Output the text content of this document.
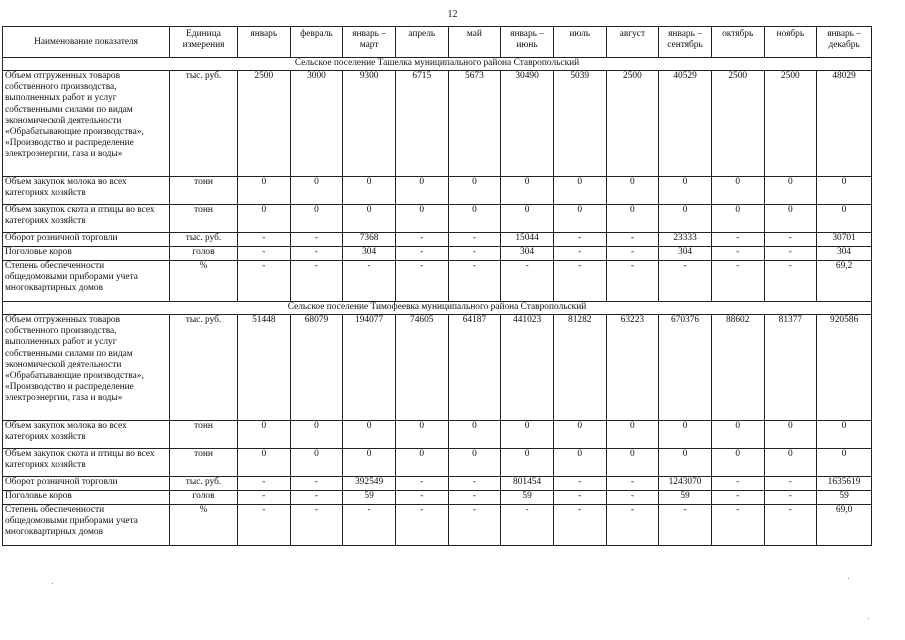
12
Наименование показателя	Единица измерения	январь	февраль	январь – март	апрель	май	январь – июнь	июль	август	январь – сентябрь	октябрь	ноябрь	январь – декабрь
Сельское поселение Ташелка муниципального района Ставропольский													
Объем отгруженных товаров собственного производства, выполненных работ и услуг собственными силами по видам экономической деятельности «Обрабатывающие производства», «Производство и распределение электроэнергии, газа и воды»	тыс. руб.	2500	3000	9300	6715	5673	30490	5039	2500	40529	2500	2500	48029
Объем закупок молока во всех категориях хозяйств	тонн	0	0	0	0	0	0	0	0	0	0	0	0
Объем закупок скота и птицы во всех категориях хозяйств	тонн	0	0	0	0	0	0	0	0	0	0	0	0
Оборот розничной торговли	тыс. руб.	-	-	7368	-	-	15044	-	-	23333	-	-	30701
Поголовье коров	голов	-	-	304	-	-	304	-	-	304	-	-	304
Степень обеспеченности общедомовыми приборами учета многоквартирных домов	%	-	-	-	-	-	-	-	-	-	-	-	69,2
Сельское поселение Тимофеевка муниципального района Ставропольский													
Объем отгруженных товаров собственного производства, выполненных работ и услуг собственными силами по видам экономической деятельности «Обрабатывающие производства», «Производство и распределение электроэнергии, газа и воды»	тыс. руб.	51448	68079	194077	74605	64187	441023	81282	63223	670376	88602	81377	920586
Объем закупок молока во всех категориях хозяйств	тонн	0	0	0	0	0	0	0	0	0	0	0	0
Объем закупок скота и птицы во всех категориях хозяйств	тонн	0	0	0	0	0	0	0	0	0	0	0	0
Оборот розничной торговли	тыс. руб.	-	-	392549	-	-	801454	-	-	1243070	-	-	1635619
Поголовье коров	голов	-	-	59	-	-	59	-	-	59	-	-	59
Степень обеспеченности общедомовыми приборами учета многоквартирных домов	%	-	-	-	-	-	-	-	-	-	-	-	69,0
